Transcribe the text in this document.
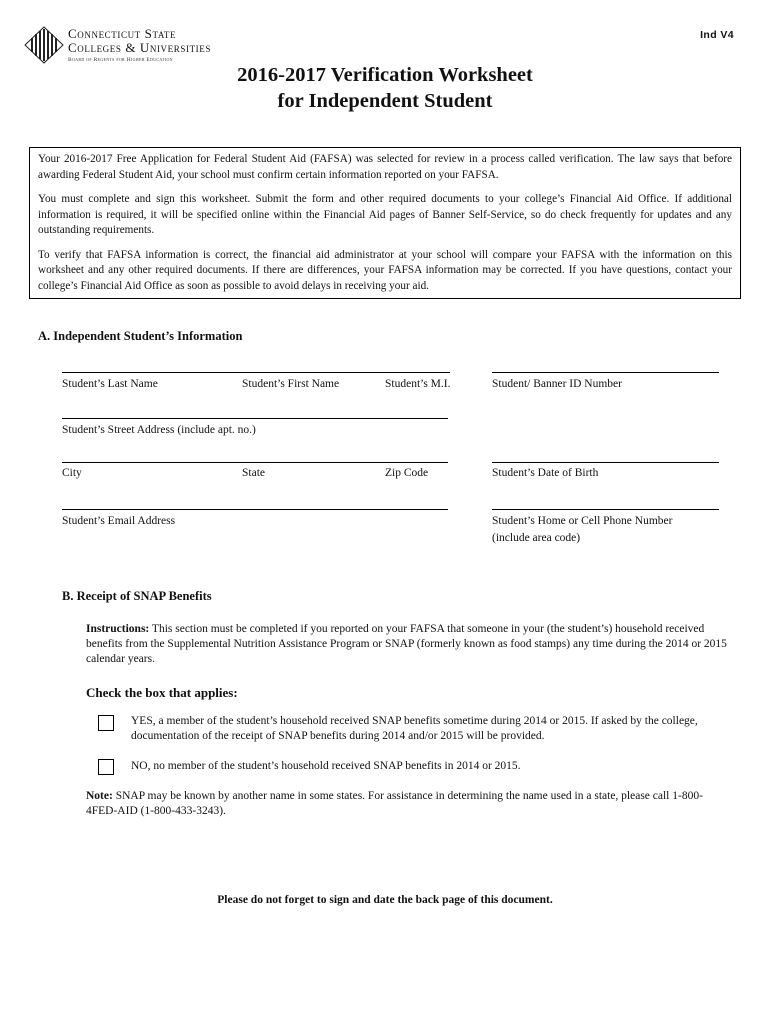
Connecticut State
Colleges & Universities
Board of Regents for Higher Education
Ind V4
2016-2017 Verification Worksheet
for Independent Student

Your 2016-2017 Free Application for Federal Student Aid (FAFSA) was selected for review in a process called verification. The law says that before awarding Federal Student Aid, your school must confirm certain information reported on your FAFSA.

You must complete and sign this worksheet. Submit the form and other required documents to your college’s Financial Aid Office. If additional information is required, it will be specified online within the Financial Aid pages of Banner Self-Service, so do check frequently for updates and any outstanding requirements.

To verify that FAFSA information is correct, the financial aid administrator at your school will compare your FAFSA with the information on this worksheet and any other required documents. If there are differences, your FAFSA information may be corrected. If you have questions, contact your college’s Financial Aid Office as soon as possible to avoid delays in receiving your aid.

A. Independent Student’s Information
Student’s Last Name	Student’s First Name	Student’s M.I.	Student/ Banner ID Number
Student’s Street Address (include apt. no.)
City	State	Zip Code	Student’s Date of Birth
Student’s Email Address	Student’s Home or Cell Phone Number
(include area code)
B. Receipt of SNAP Benefits
Instructions: This section must be completed if you reported on your FAFSA that someone in your (the student’s) household received benefits from the Supplemental Nutrition Assistance Program or SNAP (formerly known as food stamps) any time during the 2014 or 2015 calendar years.
Check the box that applies:
YES, a member of the student’s household received SNAP benefits sometime during 2014 or 2015. If asked by the college, documentation of the receipt of SNAP benefits during 2014 and/or 2015 will be provided.
NO, no member of the student’s household received SNAP benefits in 2014 or 2015.
Note: SNAP may be known by another name in some states. For assistance in determining the name used in a state, please call 1-800-4FED-AID (1-800-433-3243).
Please do not forget to sign and date the back page of this document.
